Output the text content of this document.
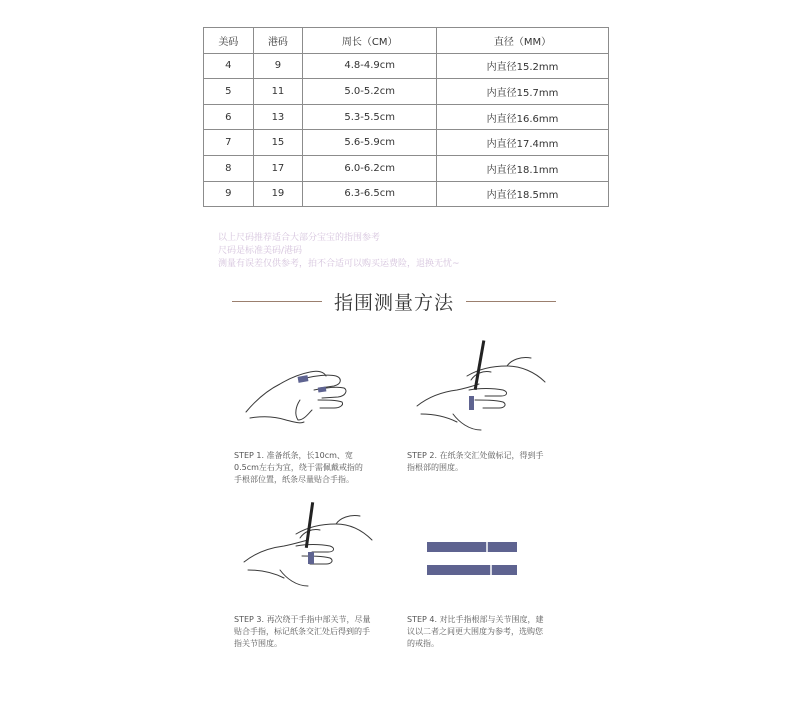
美码	港码	周长（CM）	直径（MM）
4	9	4.8-4.9cm	内直径15.2mm
5	11	5.0-5.2cm	内直径15.7mm
6	13	5.3-5.5cm	内直径16.6mm
7	15	5.6-5.9cm	内直径17.4mm
8	17	6.0-6.2cm	内直径18.1mm
9	19	6.3-6.5cm	内直径18.5mm
以上尺码推荐适合大部分宝宝的指围参考
尺码是标准美码/港码
测量有误差仅供参考，拍不合适可以购买运费险，退换无忧~
指围测量方法
STEP 1. 准备纸条，长10cm、宽
0.5cm左右为宜，绕于需佩戴戒指的
手根部位置，纸条尽量贴合手指。
STEP 2. 在纸条交汇处做标记，得到手
指根部的围度。
STEP 3. 再次绕于手指中部关节，尽量
贴合手指，标记纸条交汇处后得到的手
指关节围度。
STEP 4. 对比手指根部与关节围度，建
议以二者之间更大围度为参考，选购您
的戒指。
